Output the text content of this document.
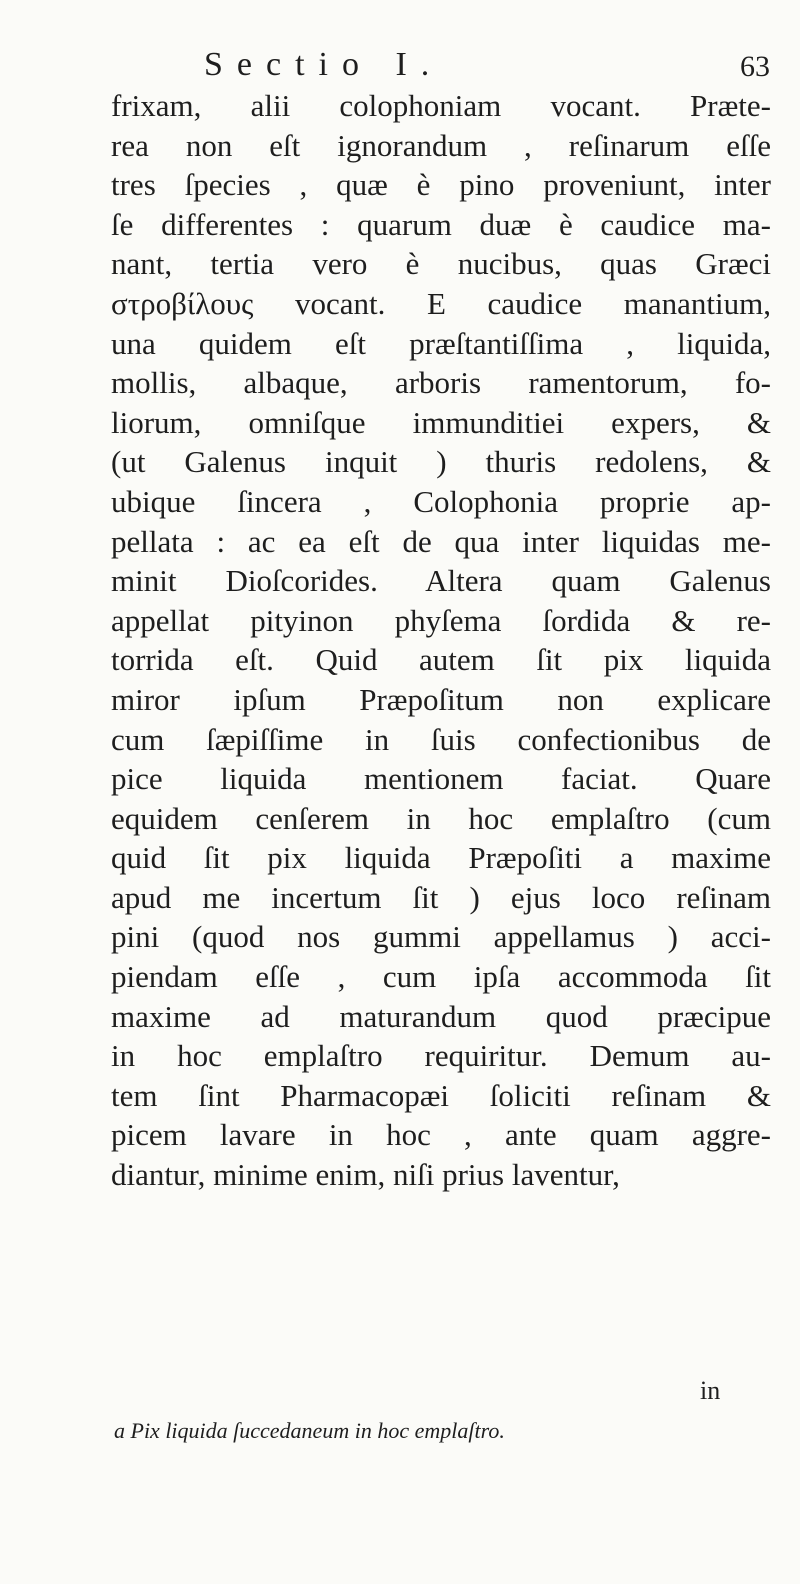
Sectio I.	63
frixam, alii colophoniam vocant. Præte-
rea non eſt ignorandum , reſinarum eſſe
tres ſpecies , quæ è pino proveniunt, inter
ſe differentes : quarum duæ è caudice ma-
nant, tertia vero è nucibus, quas Græci
στροβίλους vocant. E caudice manantium,
una quidem eſt præſtantiſſima , liquida,
mollis, albaque, arboris ramentorum, fo-
liorum, omniſque immunditiei expers, &
(ut Galenus inquit ) thuris redolens, &
ubique ſincera , Colophonia proprie ap-
pellata : ac ea eſt de qua inter liquidas me-
minit Dioſcorides. Altera quam Galenus
appellat pityinon phyſema ſordida & re-
torrida eſt. Quid autem ſit pix liquida
miror ipſum Præpoſitum non explicare
cum ſæpiſſime in ſuis confectionibus de
pice liquida mentionem faciat. Quare
equidem cenſerem in hoc emplaſtro (cum
quid ſit pix liquida Præpoſiti a maxime
apud me incertum ſit ) ejus loco reſinam
pini (quod nos gummi appellamus ) acci-
piendam eſſe , cum ipſa accommoda ſit
maxime ad maturandum quod præcipue
in hoc emplaſtro requiritur. Demum au-
tem ſint Pharmacopæi ſoliciti reſinam &
picem lavare in hoc , ante quam aggre-
diantur, minime enim, niſi prius laventur,
in
a Pix liquida ſuccedaneum in hoc emplaſtro.
